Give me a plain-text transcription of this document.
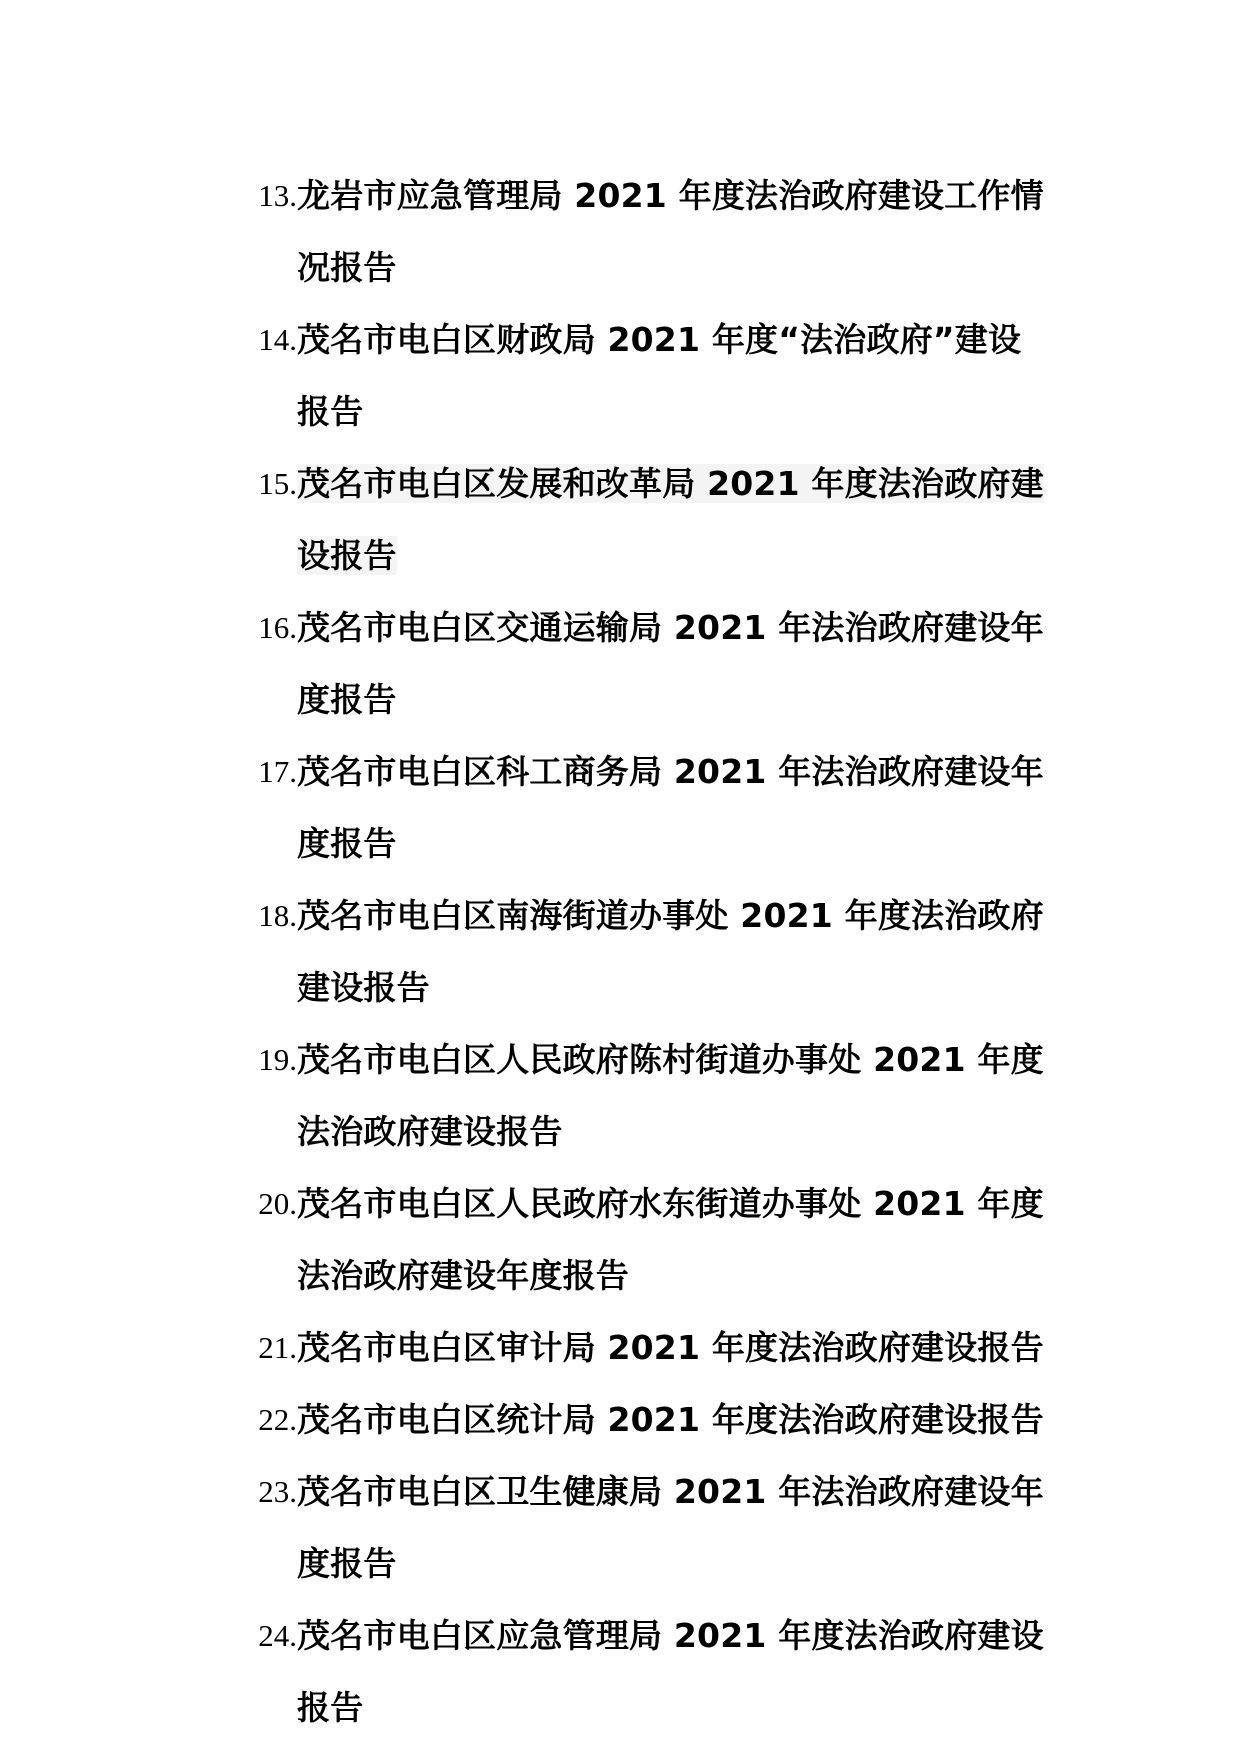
13. 龙岩市应急管理局 2021 年度法治政府建设工作情况报告
14. 茂名市电白区财政局 2021 年度“法治政府”建设报告
15. 茂名市电白区发展和改革局 2021 年度法治政府建设报告
16. 茂名市电白区交通运输局 2021 年法治政府建设年度报告
17. 茂名市电白区科工商务局 2021 年法治政府建设年度报告
18. 茂名市电白区南海街道办事处 2021 年度法治政府建设报告
19. 茂名市电白区人民政府陈村街道办事处 2021 年度法治政府建设报告
20. 茂名市电白区人民政府水东街道办事处 2021 年度法治政府建设年度报告
21. 茂名市电白区审计局 2021 年度法治政府建设报告
22. 茂名市电白区统计局 2021 年度法治政府建设报告
23. 茂名市电白区卫生健康局 2021 年法治政府建设年度报告
24. 茂名市电白区应急管理局 2021 年度法治政府建设报告
